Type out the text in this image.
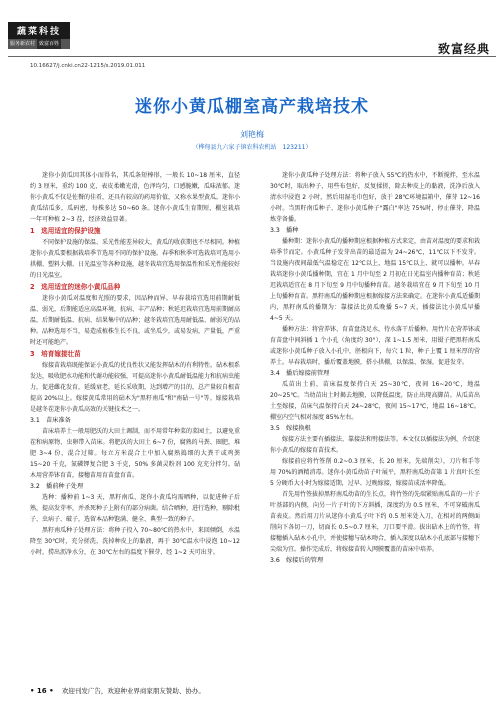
蔬菜科技
服务新农村 致富百姓	致富经典
10.16627/j.cnki.cn22-1215/s.2019.01.011
迷你小黄瓜棚室高产栽培技术
刘艳梅
（桦甸县九六家子镇农科农机站　123211）

迷你小黄瓜因其体小而得名，其瓜条短棒形，一般长 10~18 厘米，直径约 3 厘米，重约 100 克，表皮柔嫩光滑，色泽均匀，口感脆嫩，瓜味浓郁。迷你小黄瓜不仅是佐餐的佳肴，还具有较高的药用价值，又称水果型黄瓜。迷你小黄瓜结瓜多，瓜码密，每株多达 50~60 条。迷你小黄瓜生育期短，棚室栽培一年可种植 2~3 茬，经济效益显著。

1　选用适宜的保护设施

不同保护设施的保温、采光性能差异较大，黄瓜的收获期也不尽相同。种植迷你小黄瓜要根据栽培季节选用不同的保护设施。春季和秋季可选栽培可选用小拱棚、塑料大棚、日光温室等各种设施，越冬栽培宜选用保温性和采光性能较好的日光温室。

2　选用适宜的迷你小黄瓜品种

迷你小黄瓜对温度和光照的要求，因品种而异。早春栽培宜选用前期耐低温、弱光，后期能适应高温环境，抗病、丰产品种；秋延迟栽培宜选用前期耐高温，后期耐低温、抗病、结果集中的品种；越冬栽培宜选用耐低温、耐弱光的品种。品种选用不当，易造成植株生长不良，或坐瓜少，或易发病，产量低，严重时还可能绝产。

3　培育嫁接壮苗

嫁接苗栽培既能保证小黄瓜的优良性状又能发挥砧木的有利特性。砧木根系发达，吸收肥水功能和代谢功能较强，可提高迷你小黄瓜耐低温能力和抗病虫能力，促进雌花发育，延缓衰老，延长采收期，达到增产的目的，总产量较自根苗提高 20%以上。嫁接黄瓜常用的砧木为"黑籽南瓜"和"南砧一号"等。嫁接栽培是越冬茬迷你小黄瓜高效的关键技术之一。

3.1　苗床准备

苗床培养土一般用肥沃的大田土调制，而不用常年种菜的菜园土，以避免重茬和病原物、虫卵带入苗床。将肥沃的大田土 6~7 份，腐熟的马粪、圈肥，堆肥 3~4 份，混合过筛。每立方米混合土中加入腐熟捣细的大粪干或鸡粪 15~20 千克，氮磷钾复合肥 3 千克，50% 多菌灵粉剂 100 克充分拌匀。砧木用营养钵育苗，接穗苗用育苗盘育苗。

3.2　播前种子处理

选种：播种前 1~3 天，黑籽南瓜、迷你小黄瓜均需晒种，以促进种子后熟，提高发芽率，并杀死种子上附有的部分病菌。结合晒种，进行选种，剔除秕子、虫病子、破子，选留本品种饱满、健全、典型一致的种子。

黑籽南瓜种子处理方法：将种子投入 70~80℃的热水中，来回倾倒，水温降至 30℃时，充分搓洗，洗掉种皮上的黏液，再于 30℃温水中浸泡 10~12 小时，捞出沥净水分，在 30℃左右的温度下催芽，经 1~2 天可出芽。

迷你小黄瓜种子处理方法：将种子放入 55℃的热水中，不断搅拌，至水温 30℃时，取出种子，用些布包好，反复揉搓，除去种皮上的黏液，洗净后放入清水中浸泡 2 小时，然后用湿毛巾包好，放于 28℃环境温箱中，催芽 12~16 小时。当黑籽南瓜种子、迷你小黄瓜种子"露白"率达 75%时，停止催芽，降温炼芽备播。

3.3　播种

播种期：迷你小黄瓜的播种期应根据种植方式来定，由苗对温度的要求和栽培季节而定。小黄瓜种子发芽出苗的最适温为 24~26℃，11℃以下不发芽。当设施内夜间最低气温稳定在 12℃以上，地温 15℃以上，就可以播种。早春栽培迷你小黄瓜播种期，宜在 1 月中旬至 2 月初在日光温室内播种育苗；秋延迟栽培适宜在 8 月下旬至 9 月中旬播种育苗。越冬栽培宜在 9 月下旬至 10 月上旬播种育苗。黑籽南瓜的播种期应根据嫁接方法来确定。在迷你小黄瓜适播期内，黑籽南瓜的播期为：靠接法比黄瓜晚播 5~7 天，插接法比小黄瓜早播 4~5 天。

播种方法：将营养钵、育苗盘浇足水，待水落干后播种。用竹片在营养钵或育苗盘中间斜插 1 个小孔（角度约 30°），深 1~1.5 厘米，用镊子把黑籽南瓜或迷你小黄瓜种子放入小孔中，胚根向下，每穴 1 粒，种子上覆 1 厘米厚的营养土。早春栽培时，播后覆盖地膜，搭小拱棚，以保温、保湿，促进发芽。

3.4　播后嫁接前管理

瓜苗出土前，苗床温度保持白天 25~30℃，夜间 16~20℃，地温 20~25℃。当幼苗出土时揭去地膜，以降低温度，防止出现高脚苗。从瓜苗出土至嫁接，苗床气温保持白天 24~28℃，夜间 15~17℃，地温 16~18℃。棚室内空气相对湿度 85%左右。

3.5　嫁接换根

嫁接方法主要有插接法、靠接法和劈接法等。本文仅以插接法为例，介绍迷你小黄瓜的嫁接育苗技术。

嫁接前应将竹签削 0.2~0.3 厘米，长 20 厘米，先端削尖），刀片和手等用 70%的酒精消毒。迷你小黄瓜幼苗子叶展平，黑籽南瓜幼苗第 1 片真叶长至 5 分硬币大小时为嫁接适期，过早、过晚嫁接，嫁接苗成活率降低。

首先用竹签拔掉黑籽南瓜幼苗的生长点，将竹签的先端紧贴南瓜苗的一片子叶基部的内侧，向另一片子叶的下方斜插，深度约为 0.5 厘米，不可穿破南瓜苗表皮。然后用刀片从迷你小黄瓜子叶下约 0.5 厘米处入刀，在相对的两侧面削向下各切一刀，切面长 0.5~0.7 厘米，刀口要平滑。拔出砧木上的竹签，将接穗插入砧木小孔中，并使接穗与砧木吻合，插入深度以砧木小孔底部与接穗下尖端为宜。操作完成后，将嫁接苗转入网膜覆盖的苗床中培养。

3.6　嫁接后的管理
• 16 • 欢迎刊发广告，欢迎种业界商家朋友赞助、协办。
